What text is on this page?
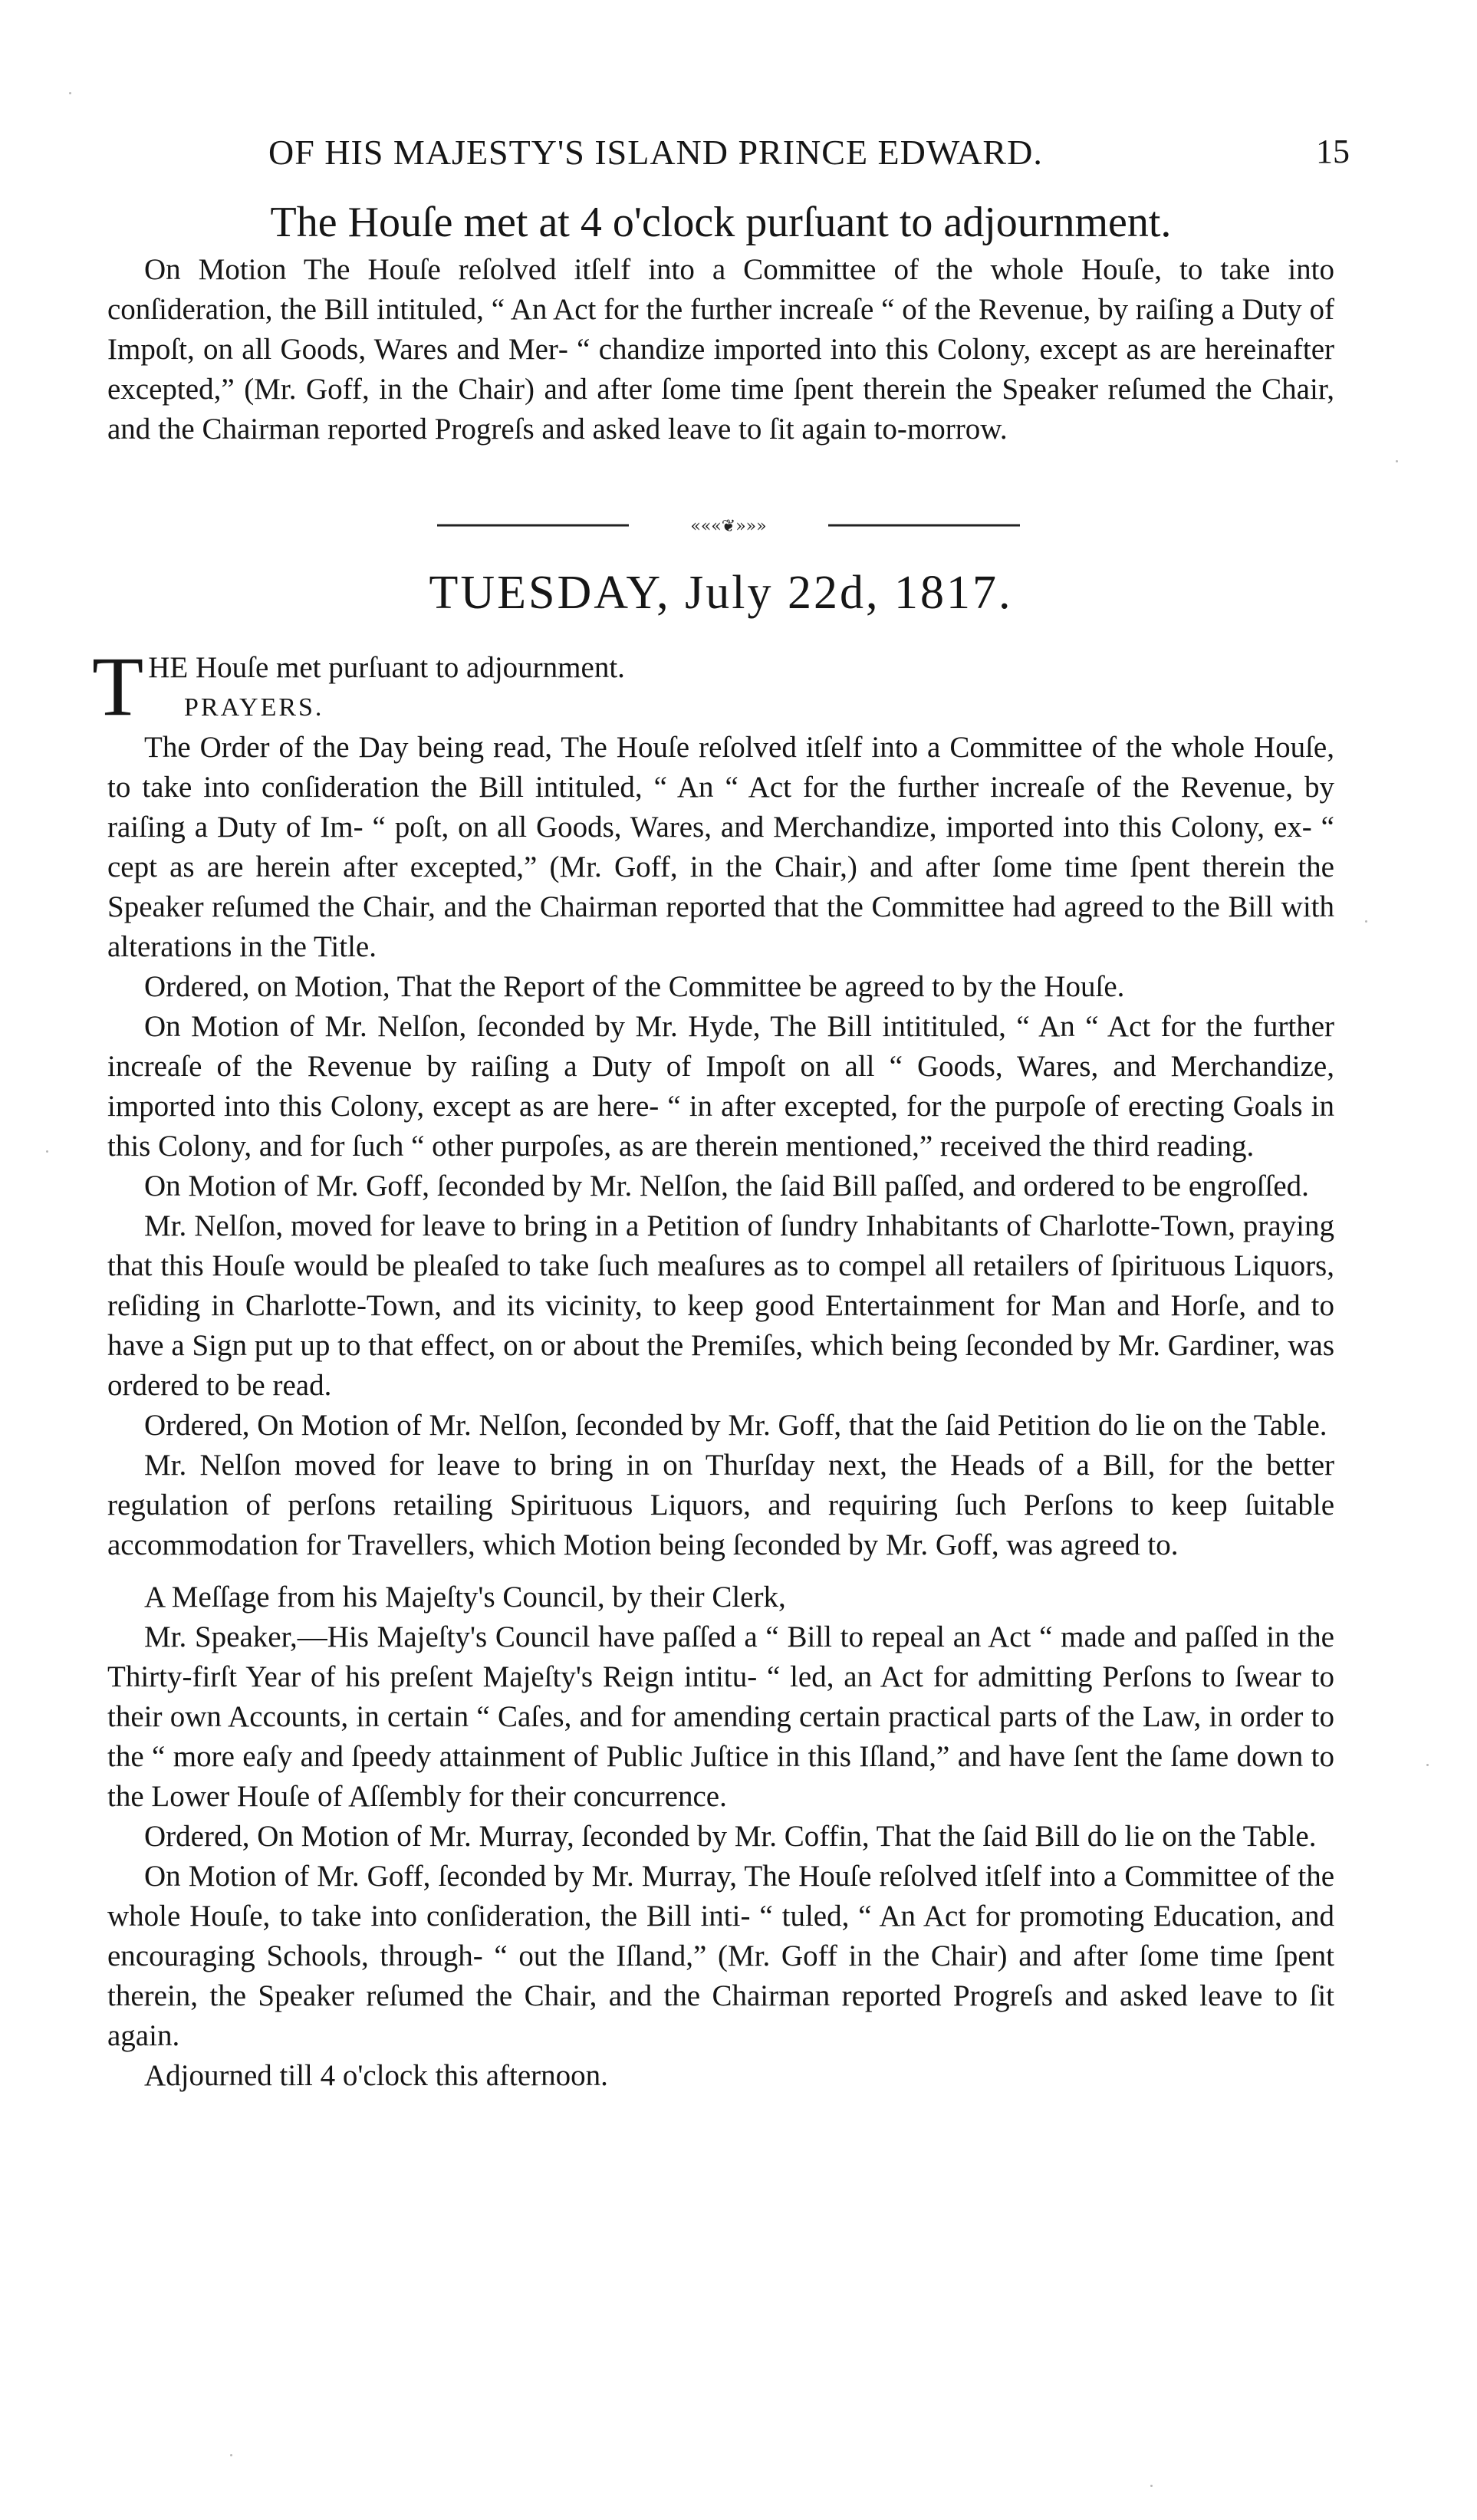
OF HIS MAJESTY'S ISLAND PRINCE EDWARD.	15
The Houſe met at 4 o'clock purſuant to adjournment.

On Motion The Houſe reſolved itſelf into a Committee of the whole Houſe, to take into conſideration, the Bill intituled, “ An Act for the further increaſe “ of the Revenue, by raiſing a Duty of Impoſt, on all Goods, Wares and Mer‑ “ chandize imported into this Colony, except as are hereinafter excepted,” (Mr. Goff, in the Chair) and after ſome time ſpent therein the Speaker reſumed the Chair, and the Chairman reported Progreſs and asked leave to ſit again to-morrow.

«««❦»»»
TUESDAY, July 22d, 1817.
T HE Houſe met purſuant to adjournment.

PRAYERS.

The Order of the Day being read, The Houſe reſolved itſelf into a Committee of the whole Houſe, to take into conſideration the Bill intituled, “ An “ Act for the further increaſe of the Revenue, by raiſing a Duty of Im‑ “ poſt, on all Goods, Wares, and Merchandize, imported into this Colony, ex‑ “ cept as are herein after excepted,” (Mr. Goff, in the Chair,) and after ſome time ſpent therein the Speaker reſumed the Chair, and the Chairman reported that the Committee had agreed to the Bill with alterations in the Title.

Ordered, on Motion, That the Report of the Committee be agreed to by the Houſe.

On Motion of Mr. Nelſon, ſeconded by Mr. Hyde, The Bill intitituled, “ An “ Act for the further increaſe of the Revenue by raiſing a Duty of Impoſt on all “ Goods, Wares, and Merchandize, imported into this Colony, except as are here‑ “ in after excepted, for the purpoſe of erecting Goals in this Colony, and for ſuch “ other purpoſes, as are therein mentioned,” received the third reading.

On Motion of Mr. Goff, ſeconded by Mr. Nelſon, the ſaid Bill paſſed, and ordered to be engroſſed.

Mr. Nelſon, moved for leave to bring in a Petition of ſundry Inhabitants of Charlotte-Town, praying that this Houſe would be pleaſed to take ſuch meaſures as to compel all retailers of ſpirituous Liquors, reſiding in Charlotte-Town, and its vicinity, to keep good Entertainment for Man and Horſe, and to have a Sign put up to that effect, on or about the Premiſes, which being ſeconded by Mr. Gardiner, was ordered to be read.

Ordered, On Motion of Mr. Nelſon, ſeconded by Mr. Goff, that the ſaid Petition do lie on the Table.

Mr. Nelſon moved for leave to bring in on Thurſday next, the Heads of a Bill, for the better regulation of perſons retailing Spirituous Liquors, and requiring ſuch Perſons to keep ſuitable accommodation for Travellers, which Motion being ſeconded by Mr. Goff, was agreed to.

A Meſſage from his Majeſty's Council, by their Clerk,

Mr. Speaker,—His Majeſty's Council have paſſed a “ Bill to repeal an Act “ made and paſſed in the Thirty-firſt Year of his preſent Majeſty's Reign intitu‑ “ led, an Act for admitting Perſons to ſwear to their own Accounts, in certain “ Caſes, and for amending certain practical parts of the Law, in order to the “ more eaſy and ſpeedy attainment of Public Juſtice in this Iſland,” and have ſent the ſame down to the Lower Houſe of Aſſembly for their concurrence.

Ordered, On Motion of Mr. Murray, ſeconded by Mr. Coffin, That the ſaid Bill do lie on the Table.

On Motion of Mr. Goff, ſeconded by Mr. Murray, The Houſe reſolved itſelf into a Committee of the whole Houſe, to take into conſideration, the Bill inti‑ “ tuled, “ An Act for promoting Education, and encouraging Schools, through‑ “ out the Iſland,” (Mr. Goff in the Chair) and after ſome time ſpent therein, the Speaker reſumed the Chair, and the Chairman reported Progreſs and asked leave to ſit again.

Adjourned till 4 o'clock this afternoon.
